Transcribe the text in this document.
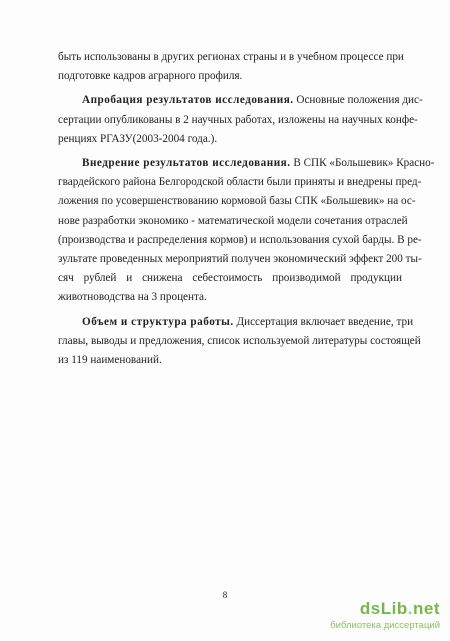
быть использованы в других регионах страны и в учебном процессе при
подготовке кадров аграрного профиля.

Апробация результатов исследования. Основные положения дис-
сертации опубликованы в 2 научных работах, изложены на научных конфе-
ренциях РГАЗУ(2003-2004 года.).

Внедрение результатов исследования. В СПК «Большевик» Красно-
гвардейского района Белгородской области были приняты и внедрены пред-
ложения по усовершенствованию кормовой базы СПК «Большевик» на ос-
нове разработки экономико - математической модели сочетания отраслей
(производства и распределения кормов) и использования сухой барды. В ре-
зультате проведенных мероприятий получен экономический эффект 200 ты-
сяч рублей и снижена себестоимость производимой продукции
животноводства на 3 процента.

Объем и структура работы. Диссертация включает введение, три
главы, выводы и предложения, список используемой литературы состоящей
из 119 наименований.

8
dsLib.net
библиотека диссертаций
